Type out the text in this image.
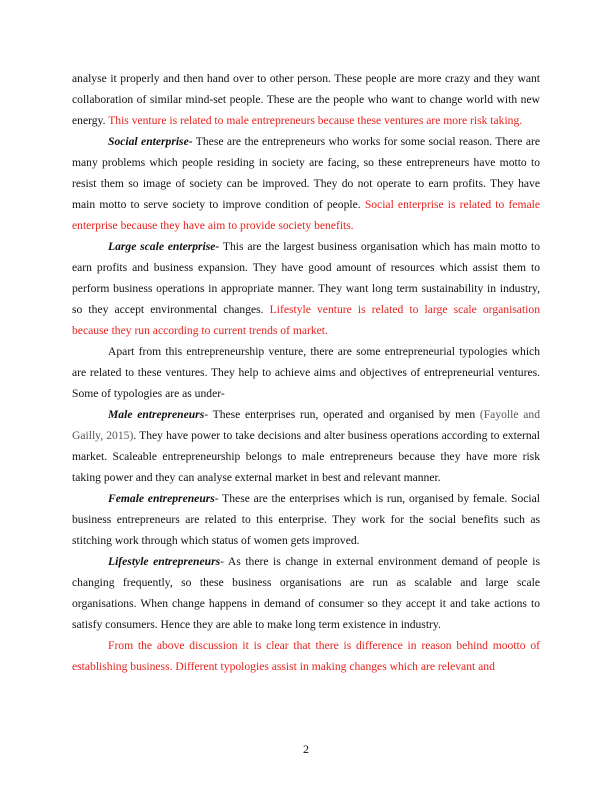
analyse it properly and then hand over to other person. These people are more crazy and they want collaboration of similar mind-set people. These are the people who want to change world with new energy. This venture is related to male entrepreneurs because these ventures are more risk taking.

Social enterprise- These are the entrepreneurs who works for some social reason. There are many problems which people residing in society are facing, so these entrepreneurs have motto to resist them so image of society can be improved. They do not operate to earn profits. They have main motto to serve society to improve condition of people. Social enterprise is related to female enterprise because they have aim to provide society benefits.

Large scale enterprise- This are the largest business organisation which has main motto to earn profits and business expansion. They have good amount of resources which assist them to perform business operations in appropriate manner. They want long term sustainability in industry, so they accept environmental changes. Lifestyle venture is related to large scale organisation because they run according to current trends of market.

Apart from this entrepreneurship venture, there are some entrepreneurial typologies which are related to these ventures. They help to achieve aims and objectives of entrepreneurial ventures. Some of typologies are as under-

Male entrepreneurs- These enterprises run, operated and organised by men (Fayolle and Gailly, 2015). They have power to take decisions and alter business operations according to external market. Scaleable entrepreneurship belongs to male entrepreneurs because they have more risk taking power and they can analyse external market in best and relevant manner.

Female entrepreneurs- These are the enterprises which is run, organised by female. Social business entrepreneurs are related to this enterprise. They work for the social benefits such as stitching work through which status of women gets improved.

Lifestyle entrepreneurs- As there is change in external environment demand of people is changing frequently, so these business organisations are run as scalable and large scale organisations. When change happens in demand of consumer so they accept it and take actions to satisfy consumers. Hence they are able to make long term existence in industry.

From the above discussion it is clear that there is difference in reason behind mootto of establishing business. Different typologies assist in making changes which are relevant and

2
